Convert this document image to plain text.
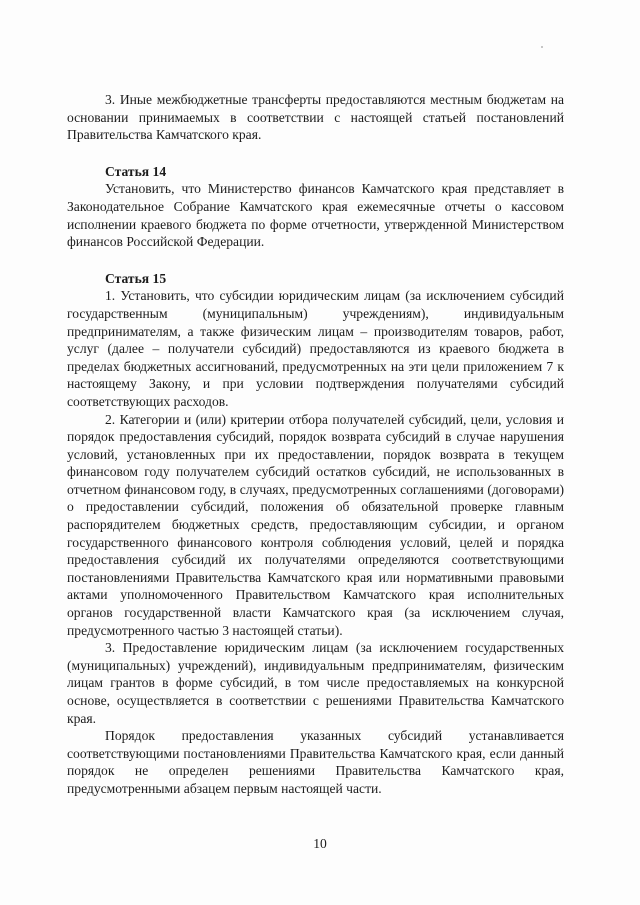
3. Иные межбюджетные трансферты предоставляются местным бюджетам на основании принимаемых в соответствии с настоящей статьей постановлений Правительства Камчатского края.

Статья 14

Установить, что Министерство финансов Камчатского края представляет в Законодательное Собрание Камчатского края ежемесячные отчеты о кассовом исполнении краевого бюджета по форме отчетности, утвержденной Министерством финансов Российской Федерации.

Статья 15

1. Установить, что субсидии юридическим лицам (за исключением субсидий государственным (муниципальным) учреждениям), индивидуальным предпринимателям, а также физическим лицам – производителям товаров, работ, услуг (далее – получатели субсидий) предоставляются из краевого бюджета в пределах бюджетных ассигнований, предусмотренных на эти цели приложением 7 к настоящему Закону, и при условии подтверждения получателями субсидий соответствующих расходов.

2. Категории и (или) критерии отбора получателей субсидий, цели, условия и порядок предоставления субсидий, порядок возврата субсидий в случае нарушения условий, установленных при их предоставлении, порядок возврата в текущем финансовом году получателем субсидий остатков субсидий, не использованных в отчетном финансовом году, в случаях, предусмотренных соглашениями (договорами) о предоставлении субсидий, положения об обязательной проверке главным распорядителем бюджетных средств, предоставляющим субсидии, и органом государственного финансового контроля соблюдения условий, целей и порядка предоставления субсидий их получателями определяются соответствующими постановлениями Правительства Камчатского края или нормативными правовыми актами уполномоченного Правительством Камчатского края исполнительных органов государственной власти Камчатского края (за исключением случая, предусмотренного частью 3 настоящей статьи).

3. Предоставление юридическим лицам (за исключением государственных (муниципальных) учреждений), индивидуальным предпринимателям, физическим лицам грантов в форме субсидий, в том числе предоставляемых на конкурсной основе, осуществляется в соответствии с решениями Правительства Камчатского края.

Порядок предоставления указанных субсидий устанавливается соответствующими постановлениями Правительства Камчатского края, если данный порядок не определен решениями Правительства Камчатского края, предусмотренными абзацем первым настоящей части.

10
